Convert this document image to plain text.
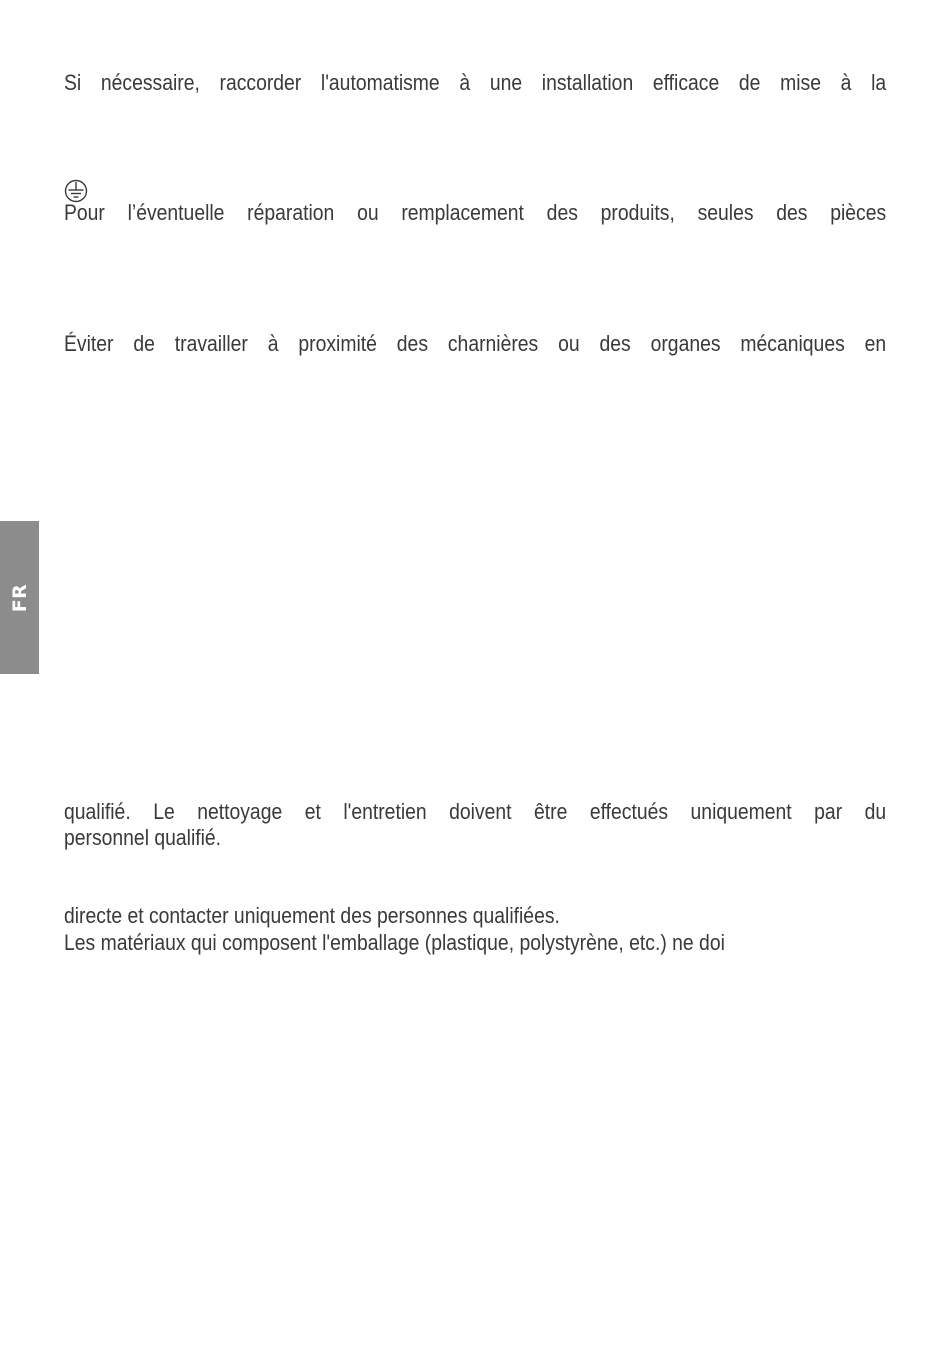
Si nécessaire, raccorder l'automatisme à une installation efficace de mise à la
Pour l’éventuelle réparation ou remplacement des produits, seules des pièces
Éviter de travailler à proximité des charnières ou des organes mécaniques en
FR
qualifié. Le nettoyage et l'entretien doivent être effectués uniquement par du
personnel qualifié.
directe et contacter uniquement des personnes qualifiées.
Les matériaux qui composent l'emballage (plastique, polystyrène, etc.) ne doi
